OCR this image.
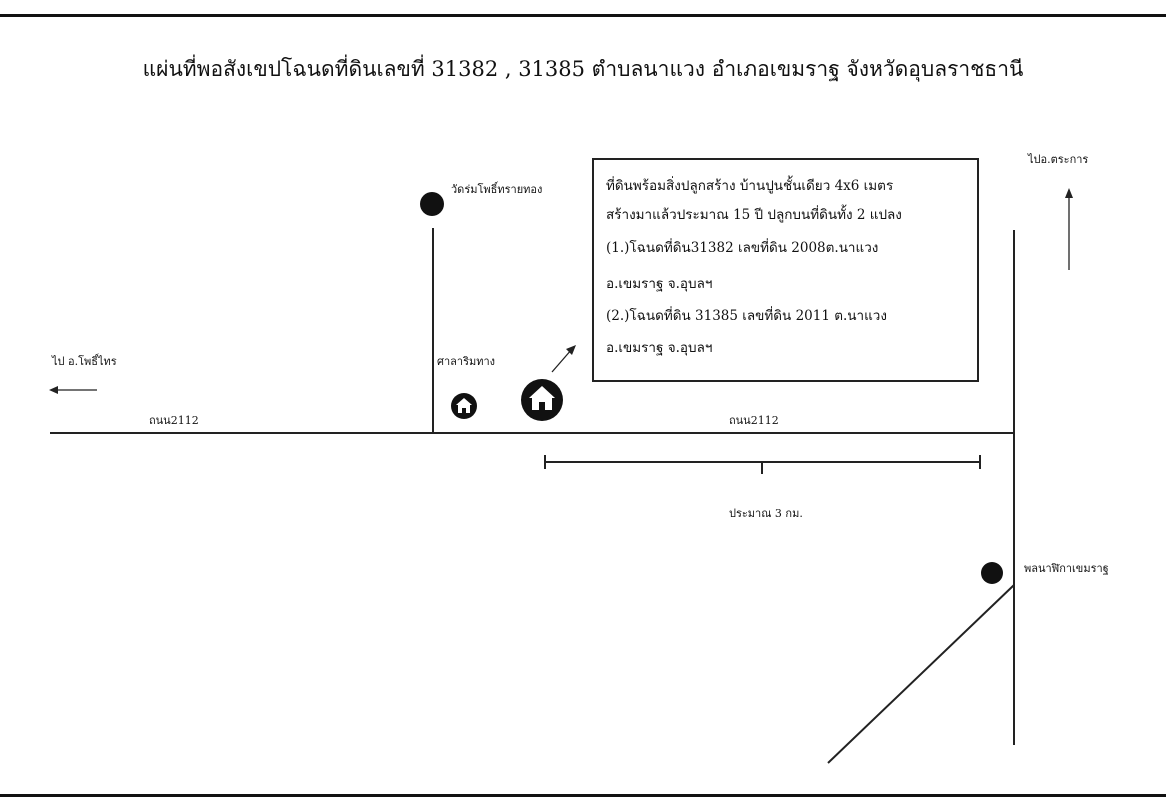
แผ่นที่พอสังเขปโฉนดที่ดินเลขที่ 31382 , 31385 ตำบลนาแวง อำเภอเขมราฐ จังหวัดอุบลราชธานี
ไป อ.โพธิ์ไทร
ไปอ.ตระการ
วัดร่มโพธิ์ทรายทอง
ศาลาริมทาง
ถนน2112	ถนน2112
ประมาณ 3 กม.
พลนาฬิกาเขมราฐ
ที่ดินพร้อมสิ่งปลูกสร้าง บ้านปูนชั้นเดียว 4x6 เมตร
สร้างมาแล้วประมาณ 15 ปี ปลูกบนที่ดินทั้ง 2 แปลง
(1.)โฉนดที่ดิน31382 เลขที่ดิน 2008ต.นาแวง
อ.เขมราฐ จ.อุบลฯ
(2.)โฉนดที่ดิน 31385 เลขที่ดิน 2011 ต.นาแวง
อ.เขมราฐ จ.อุบลฯ
